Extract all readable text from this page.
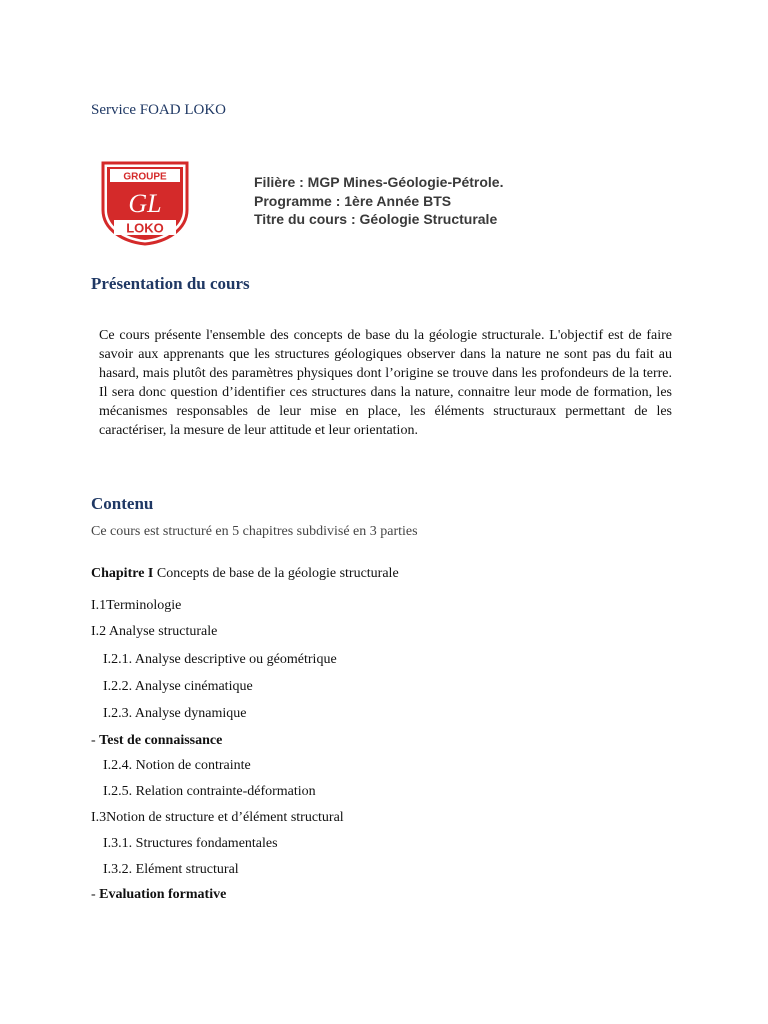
Service FOAD LOKO
GROUPE
GL
LOKO
Filière : MGP Mines-Géologie-Pétrole.
Programme : 1ère Année BTS
Titre du cours : Géologie Structurale
Présentation du cours
Ce cours présente l'ensemble des concepts de base du la géologie structurale. L'objectif est de faire savoir aux apprenants que les structures géologiques observer dans la nature ne sont pas du fait au hasard, mais plutôt des paramètres physiques dont l’origine se trouve dans les profondeurs de la terre. Il sera donc question d’identifier ces structures dans la nature, connaitre leur mode de formation, les mécanismes responsables de leur mise en place, les éléments structuraux permettant de les caractériser, la mesure de leur attitude et leur orientation.
Contenu
Ce cours est structuré en 5 chapitres subdivisé en 3 parties
Chapitre I Concepts de base de la géologie structurale
I.1Terminologie
I.2 Analyse structurale
I.2.1. Analyse descriptive ou géométrique
I.2.2. Analyse cinématique
I.2.3. Analyse dynamique
- Test de connaissance
I.2.4. Notion de contrainte
I.2.5. Relation contrainte-déformation
I.3Notion de structure et d’élément structural
I.3.1. Structures fondamentales
I.3.2. Elément structural
- Evaluation formative
